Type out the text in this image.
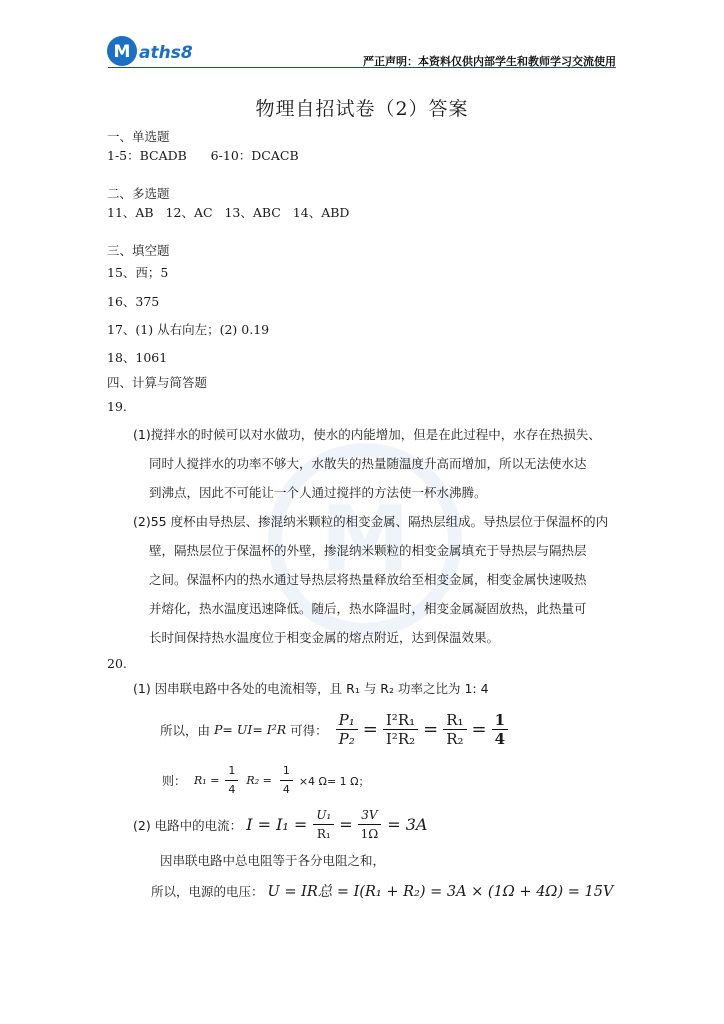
M aths8	严正声明：本资料仅供内部学生和教师学习交流使用
M
物理自招试卷（2）答案
一、单选题
1-5：BCADB      6-10：DCACB
二、多选题
11、AB   12、AC   13、ABC   14、ABD
三、填空题
15、西；5
16、375
17、(1) 从右向左；(2) 0.19
18、1061
四、计算与简答题
19.
(1)搅拌水的时候可以对水做功，使水的内能增加，但是在此过程中，水存在热损失、
同时人搅拌水的功率不够大，水散失的热量随温度升高而增加，所以无法使水达
到沸点，因此不可能让一个人通过搅拌的方法使一杯水沸腾。
(2)55 度杯由导热层、掺混纳米颗粒的相变金属、隔热层组成。导热层位于保温杯的内
壁，隔热层位于保温杯的外壁，掺混纳米颗粒的相变金属填充于导热层与隔热层
之间。保温杯内的热水通过导热层将热量释放给至相变金属，相变金属快速吸热
并熔化，热水温度迅速降低。随后，热水降温时，相变金属凝固放热，此热量可
长时间保持热水温度位于相变金属的熔点附近，达到保温效果。
20.
(1) 因串联电路中各处的电流相等，且 R₁ 与 R₂ 功率之比为 1: 4
所以，由 P= UI= I²R 可得： $\frac{\text{P₁}}{\text{P₂}} = \frac{\text{I²R₁}}{\text{I²R₂}} = \frac{\text{R₁}}{\text{R₂}} = \frac{1}{4}$
则： $R_1 = \frac{1}{4} R_2 = \frac{1}{4} \times 4$ Ω= 1 Ω；
(2) 电路中的电流： $I = I_1 = \frac{\text{U₁}}{\text{R₁}} = \frac{3V}{1\Omega} = 3A$
因串联电路中总电阻等于各分电阻之和，
所以，电源的电压： U = IR总 = I(R₁ + R₂) = 3A × (1Ω + 4Ω) = 15V
